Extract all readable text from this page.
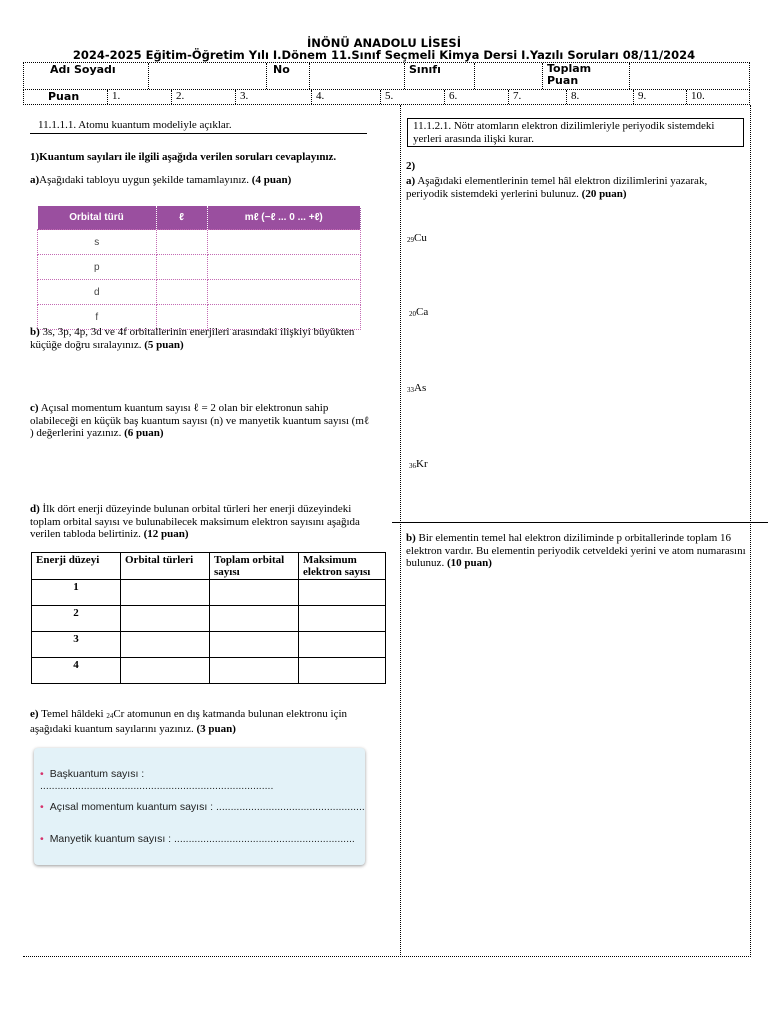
İNÖNÜ ANADOLU LİSESİ
2024-2025 Eğitim-Öğretim Yılı I.Dönem 11.Sınıf Seçmeli Kimya Dersi I.Yazılı Soruları 08/11/2024
Adı Soyadı	No	Sınıfı	Toplam
Puan
Puan	1.	2.	3.	4.	5.	6.	7.	8.	9.	10.
11.1.1.1. Atomu kuantum modeliyle açıklar.
1)Kuantum sayıları ile ilgili aşağıda verilen soruları cevaplayınız.
a)Aşağıdaki tabloyu uygun şekilde tamamlayınız. (4 puan)
Orbital türü	ℓ	mℓ (−ℓ ... 0 ... +ℓ)
s		
p		
d		
f		
b) 3s, 3p, 4p, 3d ve 4f orbitallerinin enerjileri arasındaki ilişkiyi büyükten küçüğe doğru sıralayınız. (5 puan)
c) Açısal momentum kuantum sayısı ℓ = 2 olan bir elektronun sahip olabileceği en küçük baş kuantum sayısı (n) ve manyetik kuantum sayısı (mℓ ) değerlerini yazınız. (6 puan)
d) İlk dört enerji düzeyinde bulunan orbital türleri her enerji düzeyindeki toplam orbital sayısı ve bulunabilecek maksimum elektron sayısını aşağıda verilen tabloda belirtiniz. (12 puan)
Enerji düzeyi	Orbital türleri	Toplam orbital sayısı	Maksimum elektron sayısı
1			
2			
3			
4			
e) Temel hâldeki $_{24}$Cr atomunun en dış katmanda bulunan elektronu için aşağıdaki kuantum sayılarını yazınız. (3 puan)
• Başkuantum sayısı : ................................................................................
• Açısal momentum kuantum sayısı : ...................................................
• Manyetik kuantum sayısı : ..............................................................
11.1.2.1. Nötr atomların elektron dizilimleriyle periyodik sistemdeki yerleri arasında ilişki kurar.
2)
a) Aşağıdaki elementlerinin temel hâl elektron dizilimlerini yazarak, periyodik sistemdeki yerlerini bulunuz. (20 puan)
$_{29}$Cu
$_{20}$Ca
$_{33}$As
$_{36}$Kr
b) Bir elementin temel hal elektron diziliminde p orbitallerinde toplam 16 elektron vardır. Bu elementin periyodik cetveldeki yerini ve atom numarasını bulunuz. (10 puan)
